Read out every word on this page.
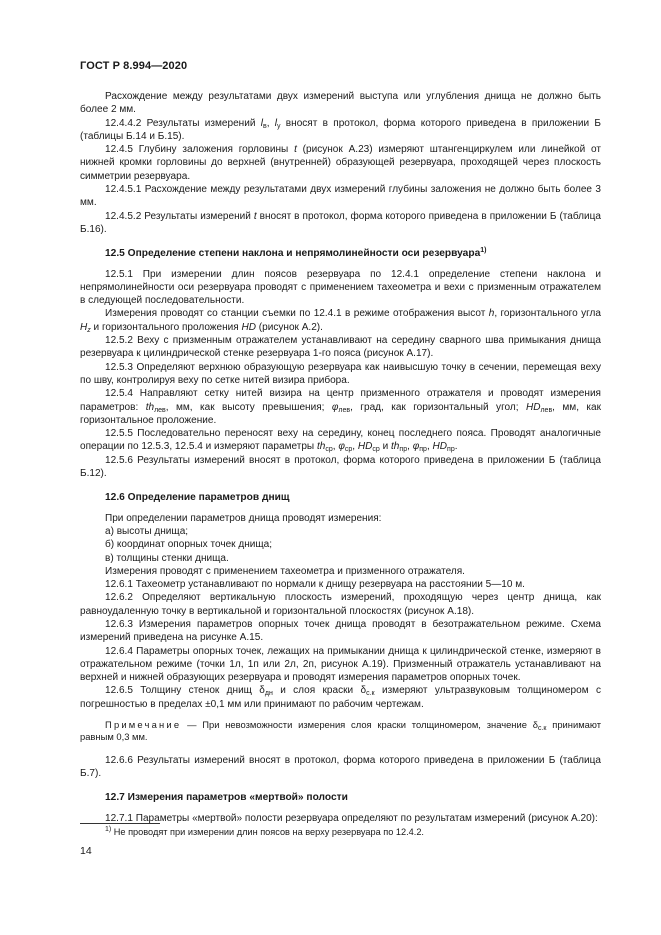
ГОСТ Р 8.994—2020

Расхождение между результатами двух измерений выступа или углубления днища не должно быть более 2 мм.

12.4.4.2 Результаты измерений $l_в$, $l_у$ вносят в протокол, форма которого приведена в приложении Б (таблицы Б.14 и Б.15).

12.4.5 Глубину заложения горловины t (рисунок А.23) измеряют штангенциркулем или линейкой от нижней кромки горловины до верхней (внутренней) образующей резервуара, проходящей через плоскость симметрии резервуара.

12.4.5.1 Расхождение между результатами двух измерений глубины заложения не должно быть более 3 мм.

12.4.5.2 Результаты измерений t вносят в протокол, форма которого приведена в приложении Б (таблица Б.16).

12.5 Определение степени наклона и непрямолинейности оси резервуара$^{1)}$

12.5.1 При измерении длин поясов резервуара по 12.4.1 определение степени наклона и непрямолинейности оси резервуара проводят с применением тахеометра и вехи с призменным отражателем в следующей последовательности.

Измерения проводят со станции съемки по 12.4.1 в режиме отображения высот h, горизонтального угла $H_z$ и горизонтального проложения HD (рисунок А.2).

12.5.2 Веху с призменным отражателем устанавливают на середину сварного шва примыкания днища резервуара к цилиндрической стенке резервуара 1-го пояса (рисунок А.17).

12.5.3 Определяют верхнюю образующую резервуара как наивысшую точку в сечении, перемещая веху по шву, контролируя веху по сетке нитей визира прибора.

12.5.4 Направляют сетку нитей визира на центр призменного отражателя и проводят измерения параметров: $th_{лев}$, мм, как высоту превышения; $\varphi_{лев}$, град, как горизонтальный угол; $HD_{лев}$, мм, как горизонтальное проложение.

12.5.5 Последовательно переносят веху на середину, конец последнего пояса. Проводят аналогичные операции по 12.5.3, 12.5.4 и измеряют параметры $th_{ср}$, $\varphi_{ср}$, $HD_{ср}$ и $th_{пр}$, $\varphi_{пр}$, $HD_{пр}$.

12.5.6 Результаты измерений вносят в протокол, форма которого приведена в приложении Б (таблица Б.12).

12.6 Определение параметров днищ

При определении параметров днища проводят измерения:

а) высоты днища;

б) координат опорных точек днища;

в) толщины стенки днища.

Измерения проводят с применением тахеометра и призменного отражателя.

12.6.1 Тахеометр устанавливают по нормали к днищу резервуара на расстоянии 5—10 м.

12.6.2 Определяют вертикальную плоскость измерений, проходящую через центр днища, как равноудаленную точку в вертикальной и горизонтальной плоскостях (рисунок А.18).

12.6.3 Измерения параметров опорных точек днища проводят в безотражательном режиме. Схема измерений приведена на рисунке А.15.

12.6.4 Параметры опорных точек, лежащих на примыкании днища к цилиндрической стенке, измеряют в отражательном режиме (точки 1л, 1п или 2л, 2п, рисунок А.19). Призменный отражатель устанавливают на верхней и нижней образующих резервуара и проводят измерения параметров опорных точек.

12.6.5 Толщину стенок днищ $\delta_{дн}$ и слоя краски $\delta_{с.к}$ измеряют ультразвуковым толщиномером с погрешностью в пределах ±0,1 мм или принимают по рабочим чертежам.

Примечание — При невозможности измерения слоя краски толщиномером, значение $\delta_{с.к}$ принимают равным 0,3 мм.

12.6.6 Результаты измерений вносят в протокол, форма которого приведена в приложении Б (таблица Б.7).

12.7 Измерения параметров «мертвой» полости

12.7.1 Параметры «мертвой» полости резервуара определяют по результатам измерений (рисунок А.20):

$^{1)}$ Не проводят при измерении длин поясов на верху резервуара по 12.4.2.
14
